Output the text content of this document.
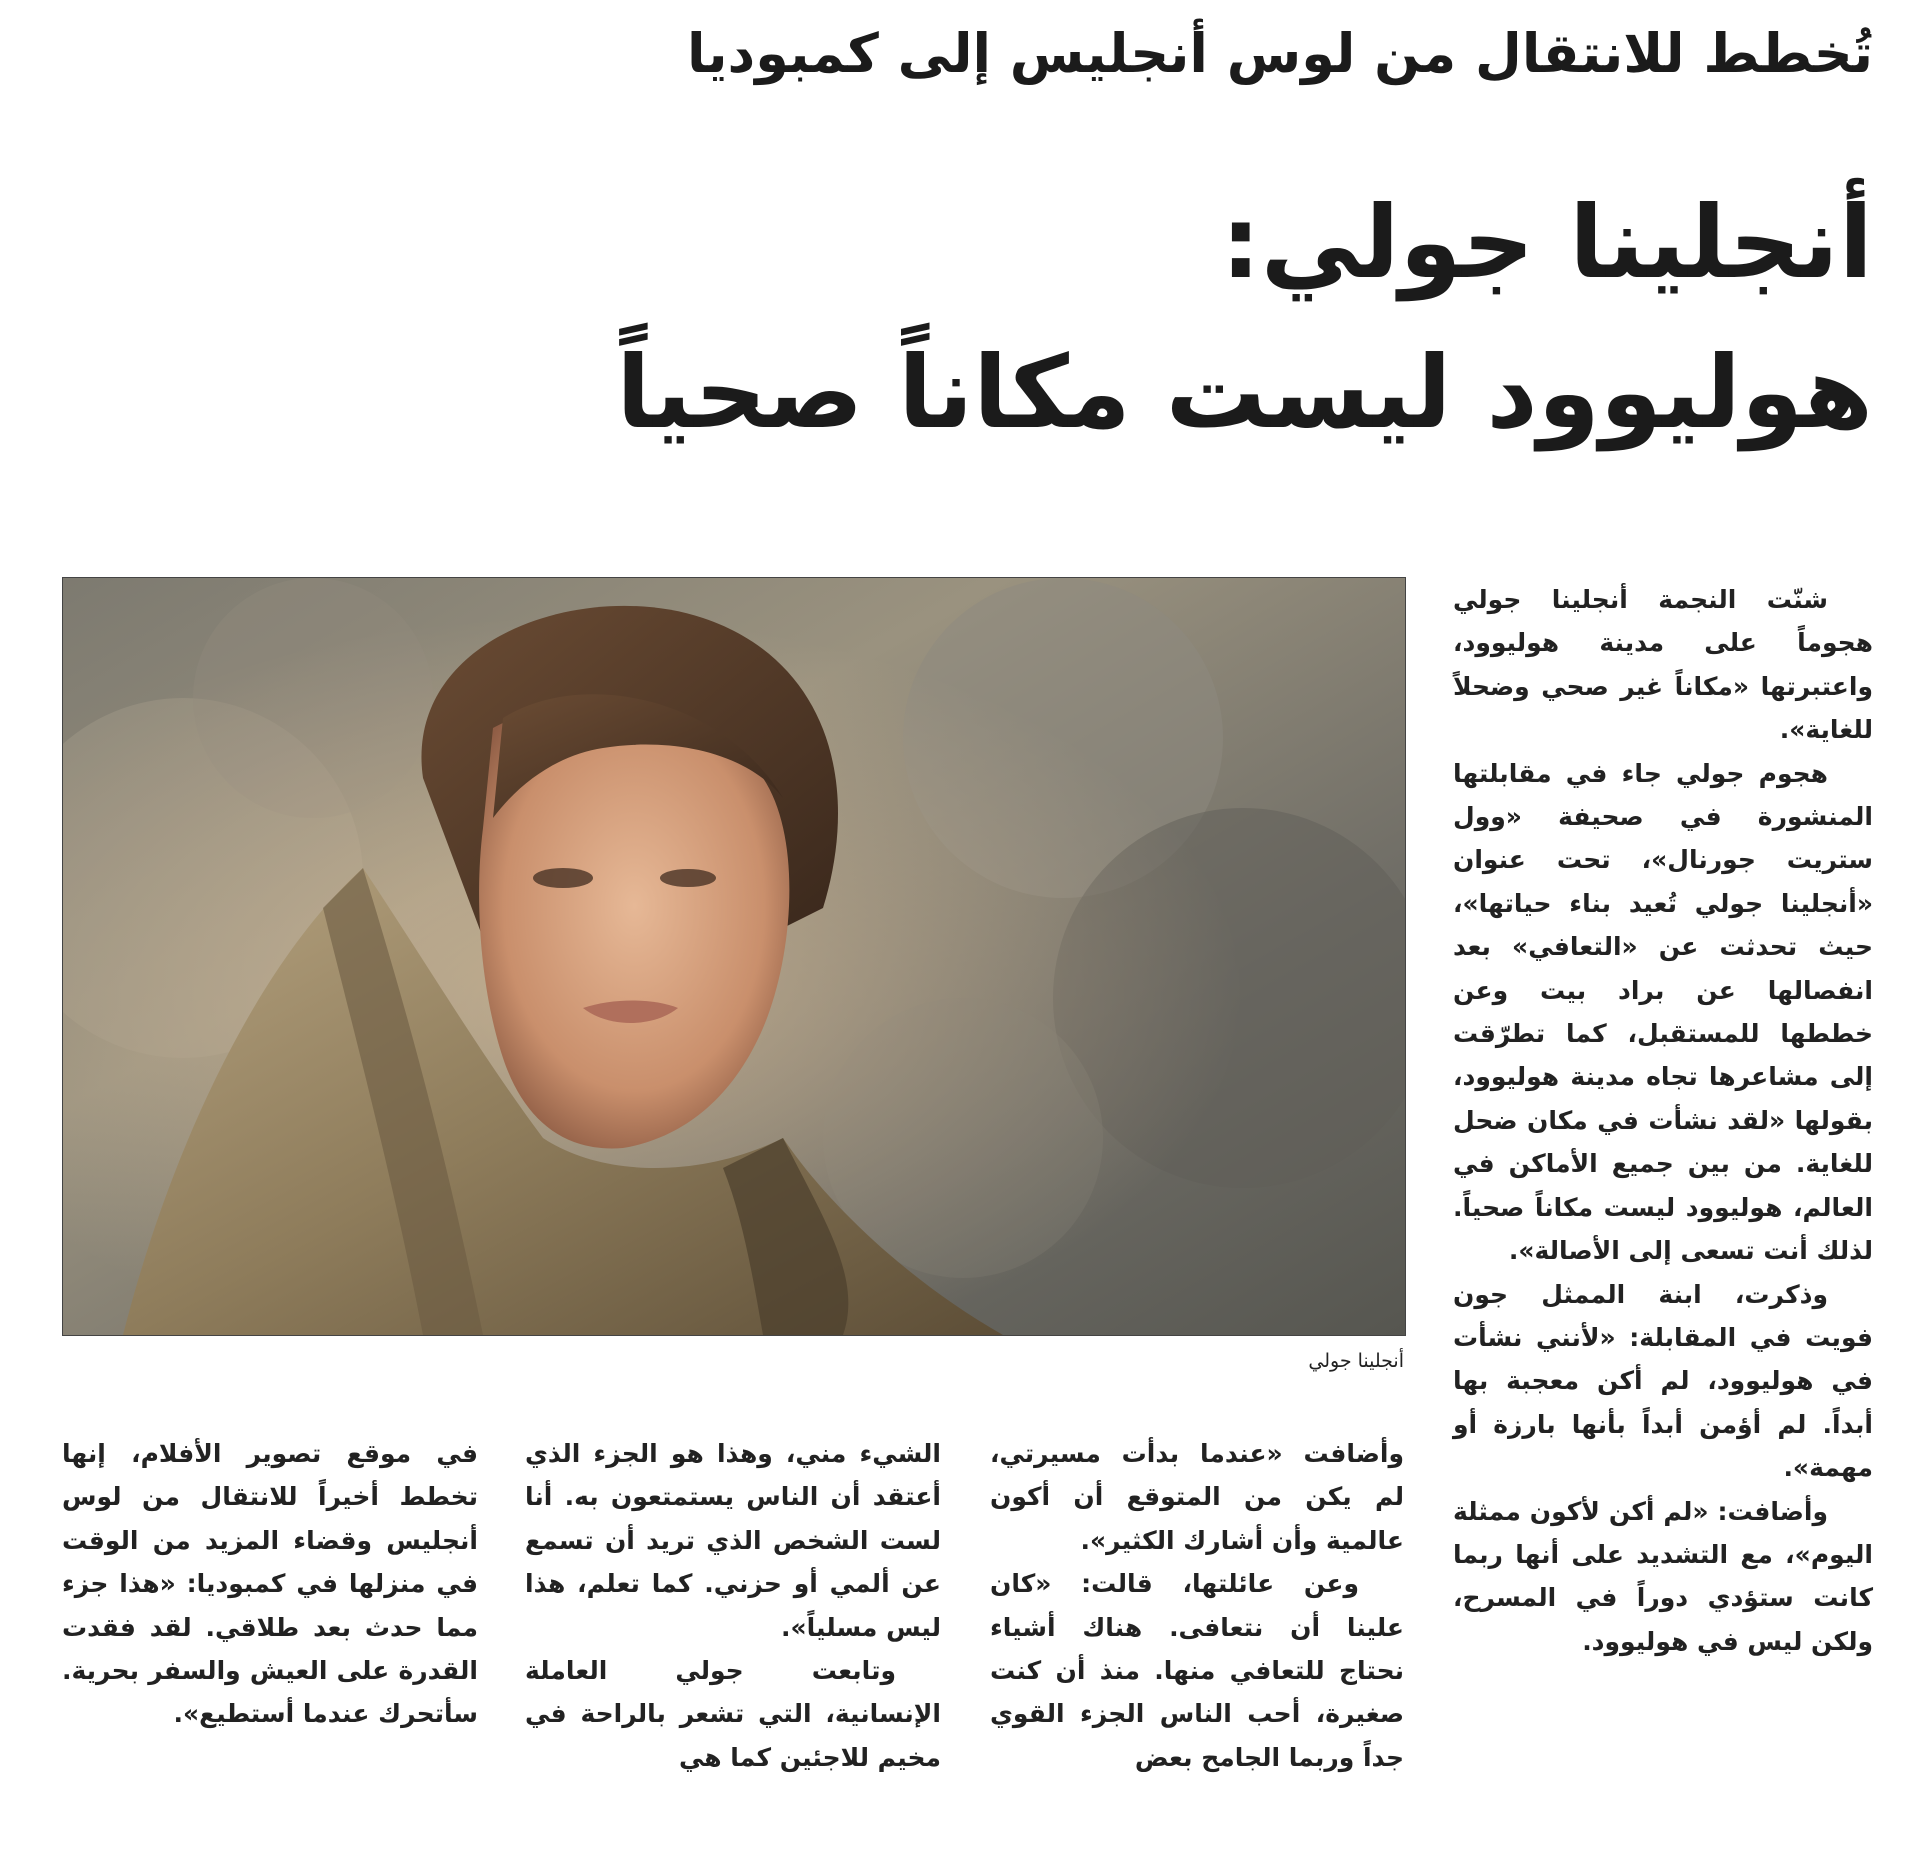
تُخطط للانتقال من لوس أنجليس إلى كمبوديا
أنجلينا جولي:
هوليوود ليست مكاناً صحياً
أنجلينا جولي

شنّت النجمة أنجلينا جولي هجوماً على مدينة هوليوود، واعتبرتها «مكاناً غير صحي وضحلاً للغاية».

هجوم جولي جاء في مقابلتها المنشورة في صحيفة «وول ستريت جورنال»، تحت عنوان «أنجلينا جولي تُعيد بناء حياتها»، حيث تحدثت عن «التعافي» بعد انفصالها عن براد بيت وعن خططها للمستقبل، كما تطرّقت إلى مشاعرها تجاه مدينة هوليوود، بقولها «لقد نشأت في مكان ضحل للغاية. من بين جميع الأماكن في العالم، هوليوود ليست مكاناً صحياً. لذلك أنت تسعى إلى الأصالة».

وذكرت، ابنة الممثل جون فويت في المقابلة: «لأنني نشأت في هوليوود، لم أكن معجبة بها أبداً. لم أؤمن أبداً بأنها بارزة أو مهمة».

وأضافت: «لم أكن لأكون ممثلة اليوم»، مع التشديد على أنها ربما كانت ستؤدي دوراً في المسرح، ولكن ليس في هوليوود.

وأضافت «عندما بدأت مسيرتي، لم يكن من المتوقع أن أكون عالمية وأن أشارك الكثير».

وعن عائلتها، قالت: «كان علينا أن نتعافى. هناك أشياء نحتاج للتعافي منها. منذ أن كنت صغيرة، أحب الناس الجزء القوي جداً وربما الجامح بعض

الشيء مني، وهذا هو الجزء الذي أعتقد أن الناس يستمتعون به. أنا لست الشخص الذي تريد أن تسمع عن ألمي أو حزني. كما تعلم، هذا ليس مسلياً».

وتابعت جولي العاملة الإنسانية، التي تشعر بالراحة في مخيم للاجئين كما هي

في موقع تصوير الأفلام، إنها تخطط أخيراً للانتقال من لوس أنجليس وقضاء المزيد من الوقت في منزلها في كمبوديا: «هذا جزء مما حدث بعد طلاقي. لقد فقدت القدرة على العيش والسفر بحرية. سأتحرك عندما أستطيع».
